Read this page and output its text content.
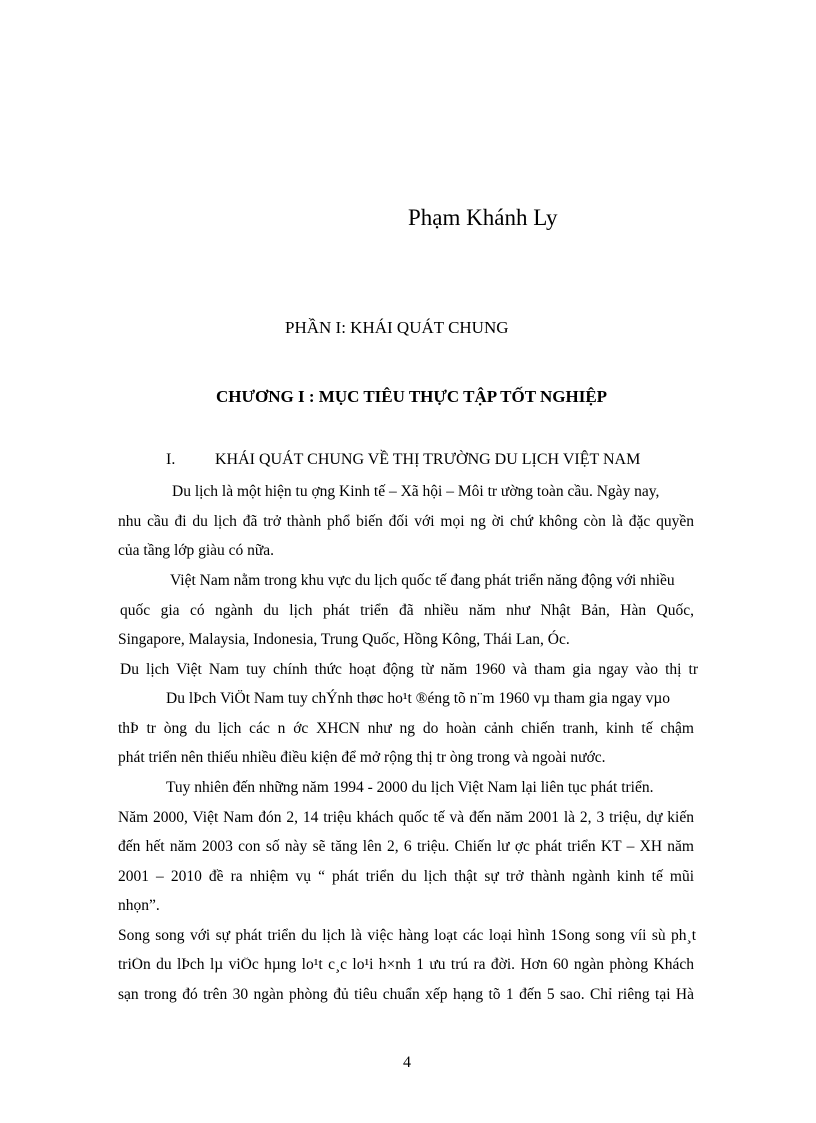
Phạm Khánh Ly
PHẦN I: KHÁI QUÁT CHUNG
CHƯƠNG I : MỤC TIÊU THỰC TẬP TỐT NGHIỆP
I. KHÁI QUÁT CHUNG VỀ THỊ TRƯỜNG DU LỊCH VIỆT NAM
Du lịch là một hiện tu ợng Kinh tế – Xã hội – Môi tr ường toàn cầu. Ngày nay,
nhu cầu đi du lịch đã trở thành phổ biến đối với mọi ng ời chứ không còn là đặc quyền
của tầng lớp giàu có nữa.
Việt Nam nằm trong khu vực du lịch quốc tế đang phát triển năng động với nhiều
quốc gia có ngành du lịch phát triển đã nhiều năm như Nhật Bản, Hàn Quốc,
Singapore, Malaysia, Indonesia, Trung Quốc, Hồng Kông, Thái Lan, Óc.
Du lịch Việt Nam tuy chính thức hoạt động từ năm 1960 và tham gia ngay vào thị tr
Du lÞch ViÖt Nam tuy chÝnh thøc ho¹t ®éng tõ n¨m 1960 vµ tham gia ngay vµo
thÞ tr òng du lịch các n ớc XHCN như ng do hoàn cảnh chiến tranh, kinh tế chậm
phát triển nên thiếu nhiều điều kiện để mở rộng thị tr òng trong và ngoài nước.
Tuy nhiên đến những năm 1994 - 2000 du lịch Việt Nam lại liên tục phát triển.
Năm 2000, Việt Nam đón 2, 14 triệu khách quốc tế và đến năm 2001 là 2, 3 triệu, dự kiến
đến hết năm 2003 con số này sẽ tăng lên 2, 6 triệu. Chiến lư ợc phát triển KT – XH năm
2001 – 2010 đề ra nhiệm vụ “ phát triển du lịch thật sự trở thành ngành kinh tế mũi
nhọn”.
Song song với sự phát triển du lịch là việc hàng loạt các loại hình 1Song song víi sù ph¸t
triÓn du lÞch lµ viÖc hµng lo¹t c¸c lo¹i h×nh 1 ưu trú ra đời. Hơn 60 ngàn phòng Khách
sạn trong đó trên 30 ngàn phòng đủ tiêu chuẩn xếp hạng tõ 1 đến 5 sao. Chỉ riêng tại Hà
4
